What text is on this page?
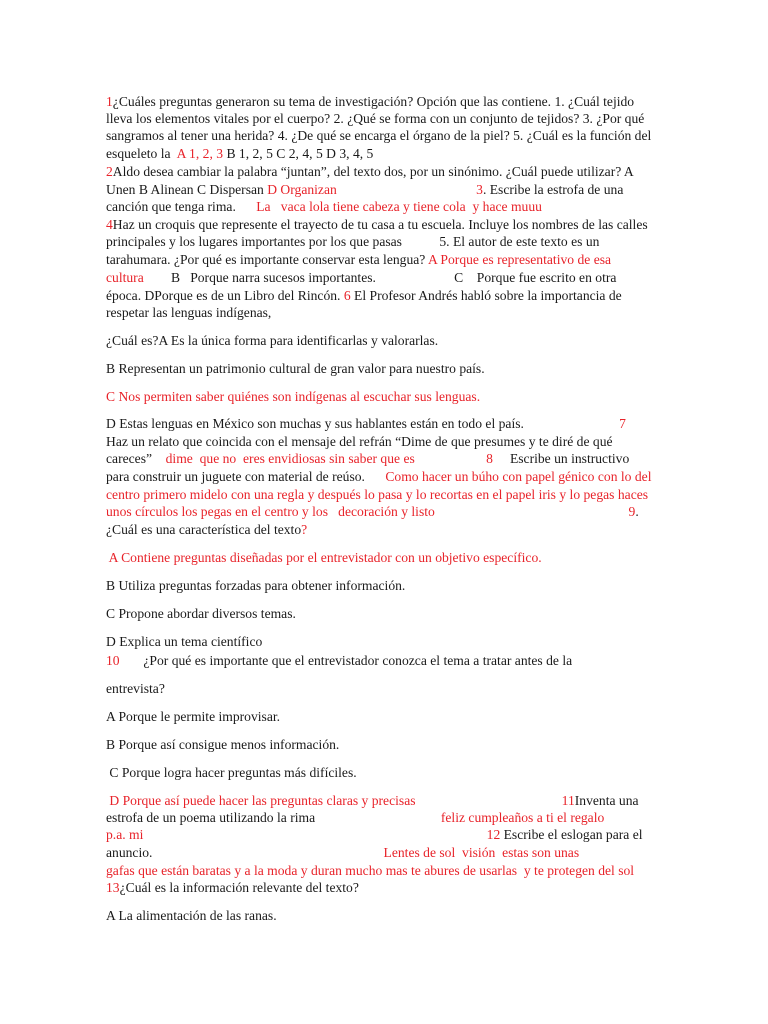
1¿Cuáles preguntas generaron su tema de investigación? Opción que las contiene. 1. ¿Cuál tejido
lleva los elementos vitales por el cuerpo? 2. ¿Qué se forma con un conjunto de tejidos? 3. ¿Por qué
sangramos al tener una herida? 4. ¿De qué se encarga el órgano de la piel? 5. ¿Cuál es la función del
esqueleto la  A 1, 2, 3 B 1, 2, 5 C 2, 4, 5 D 3, 4, 5
2Aldo desea cambiar la palabra “juntan”, del texto dos, por un sinónimo. ¿Cuál puede utilizar? A
Unen B Alinean C Dispersan D Organizan	3. Escribe la estrofa de una
canción que tenga rima.      La   vaca lola tiene cabeza y tiene cola  y hace muuu
4Haz un croquis que represente el trayecto de tu casa a tu escuela. Incluye los nombres de las calles
principales y los lugares importantes por los que pasas           5. El autor de este texto es un
tarahumara. ¿Por qué es importante conservar esta lengua? A Porque es representativo de esa
cultura        B   Porque narra sucesos importantes.                       C    Porque fue escrito en otra
época. DPorque es de un Libro del Rincón. 6 El Profesor Andrés habló sobre la importancia de
respetar las lenguas indígenas,
¿Cuál es?A Es la única forma para identificarlas y valorarlas.
B Representan un patrimonio cultural de gran valor para nuestro país.
C Nos permiten saber quiénes son indígenas al escuchar sus lenguas.
D Estas lenguas en México son muchas y sus hablantes están en todo el país.                            7
Haz un relato que coincida con el mensaje del refrán “Dime de que presumes y te diré de qué
careces”    dime  que no  eres envidiosas sin saber que es	8     Escribe un instructivo
para construir un juguete con material de reúso.      Como hacer un búho con papel génico con lo del
centro primero midelo con una regla y después lo pasa y lo recortas en el papel iris y lo pegas haces
unos círculos los pegas en el centro y los   decoración y listo	9.
¿Cuál es una característica del texto?
A Contiene preguntas diseñadas por el entrevistador con un objetivo específico.
B Utiliza preguntas forzadas para obtener información.
C Propone abordar diversos temas.
D Explica un tema científico
10       ¿Por qué es importante que el entrevistador conozca el tema a tratar antes de la
entrevista?
A Porque le permite improvisar.
B Porque así consigue menos información.
C Porque logra hacer preguntas más difíciles.
D Porque así puede hacer las preguntas claras y precisas	11Inventa una
estrofa de un poema utilizando la rima                                     feliz cumpleaños a ti el regalo
p.a. mi	12 Escribe el eslogan para el
anuncio.                                                                    Lentes de sol  visión  estas son unas
gafas que están baratas y a la moda y duran mucho mas te abures de usarlas  y te protegen del sol
13¿Cuál es la información relevante del texto?
A La alimentación de las ranas.
